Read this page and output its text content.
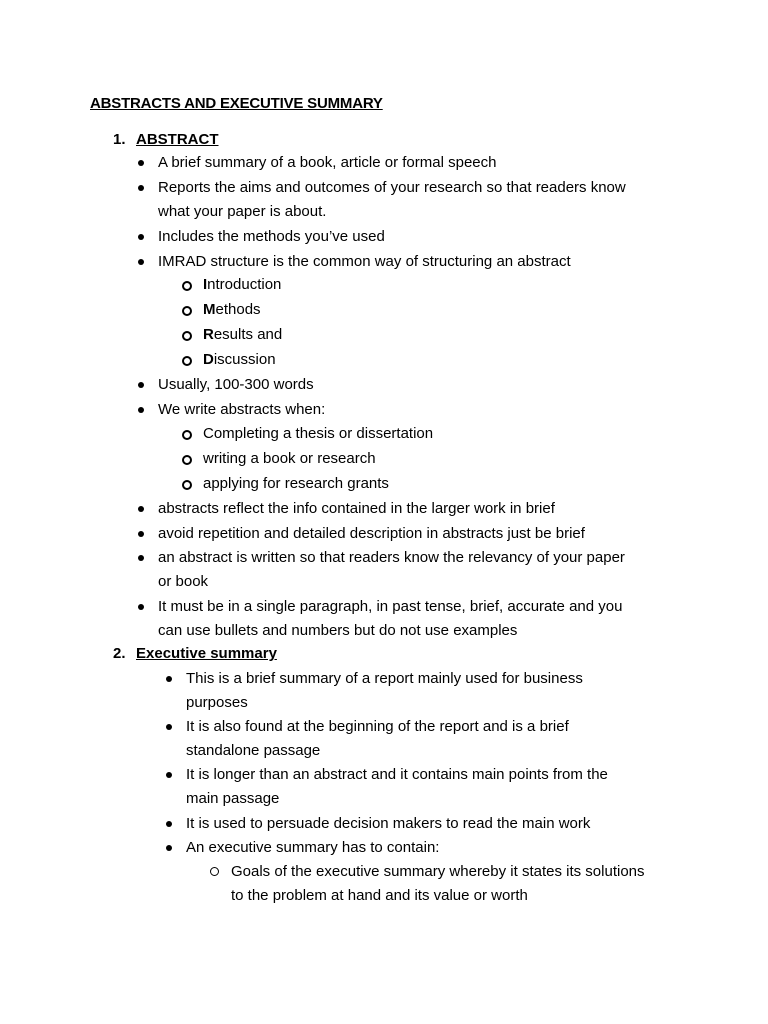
ABSTRACTS AND EXECUTIVE SUMMARY
1. ABSTRACT
A brief summary of a book, article or formal speech
Reports the aims and outcomes of your research so that readers know
what your paper is about.
Includes the methods you’ve used
IMRAD structure is the common way of structuring an abstract
Introduction
Methods
Results and
Discussion
Usually, 100-300 words
We write abstracts when:
Completing a thesis or dissertation
writing a book or research
applying for research grants
abstracts reflect the info contained in the larger work in brief
avoid repetition and detailed description in abstracts just be brief
an abstract is written so that readers know the relevancy of your paper
or book
It must be in a single paragraph, in past tense, brief, accurate and you
can use bullets and numbers but do not use examples
2. Executive summary
This is a brief summary of a report mainly used for business
purposes
It is also found at the beginning of the report and is a brief
standalone passage
It is longer than an abstract and it contains main points from the
main passage
It is used to persuade decision makers to read the main work
An executive summary has to contain:
Goals of the executive summary whereby it states its solutions
to the problem at hand and its value or worth
